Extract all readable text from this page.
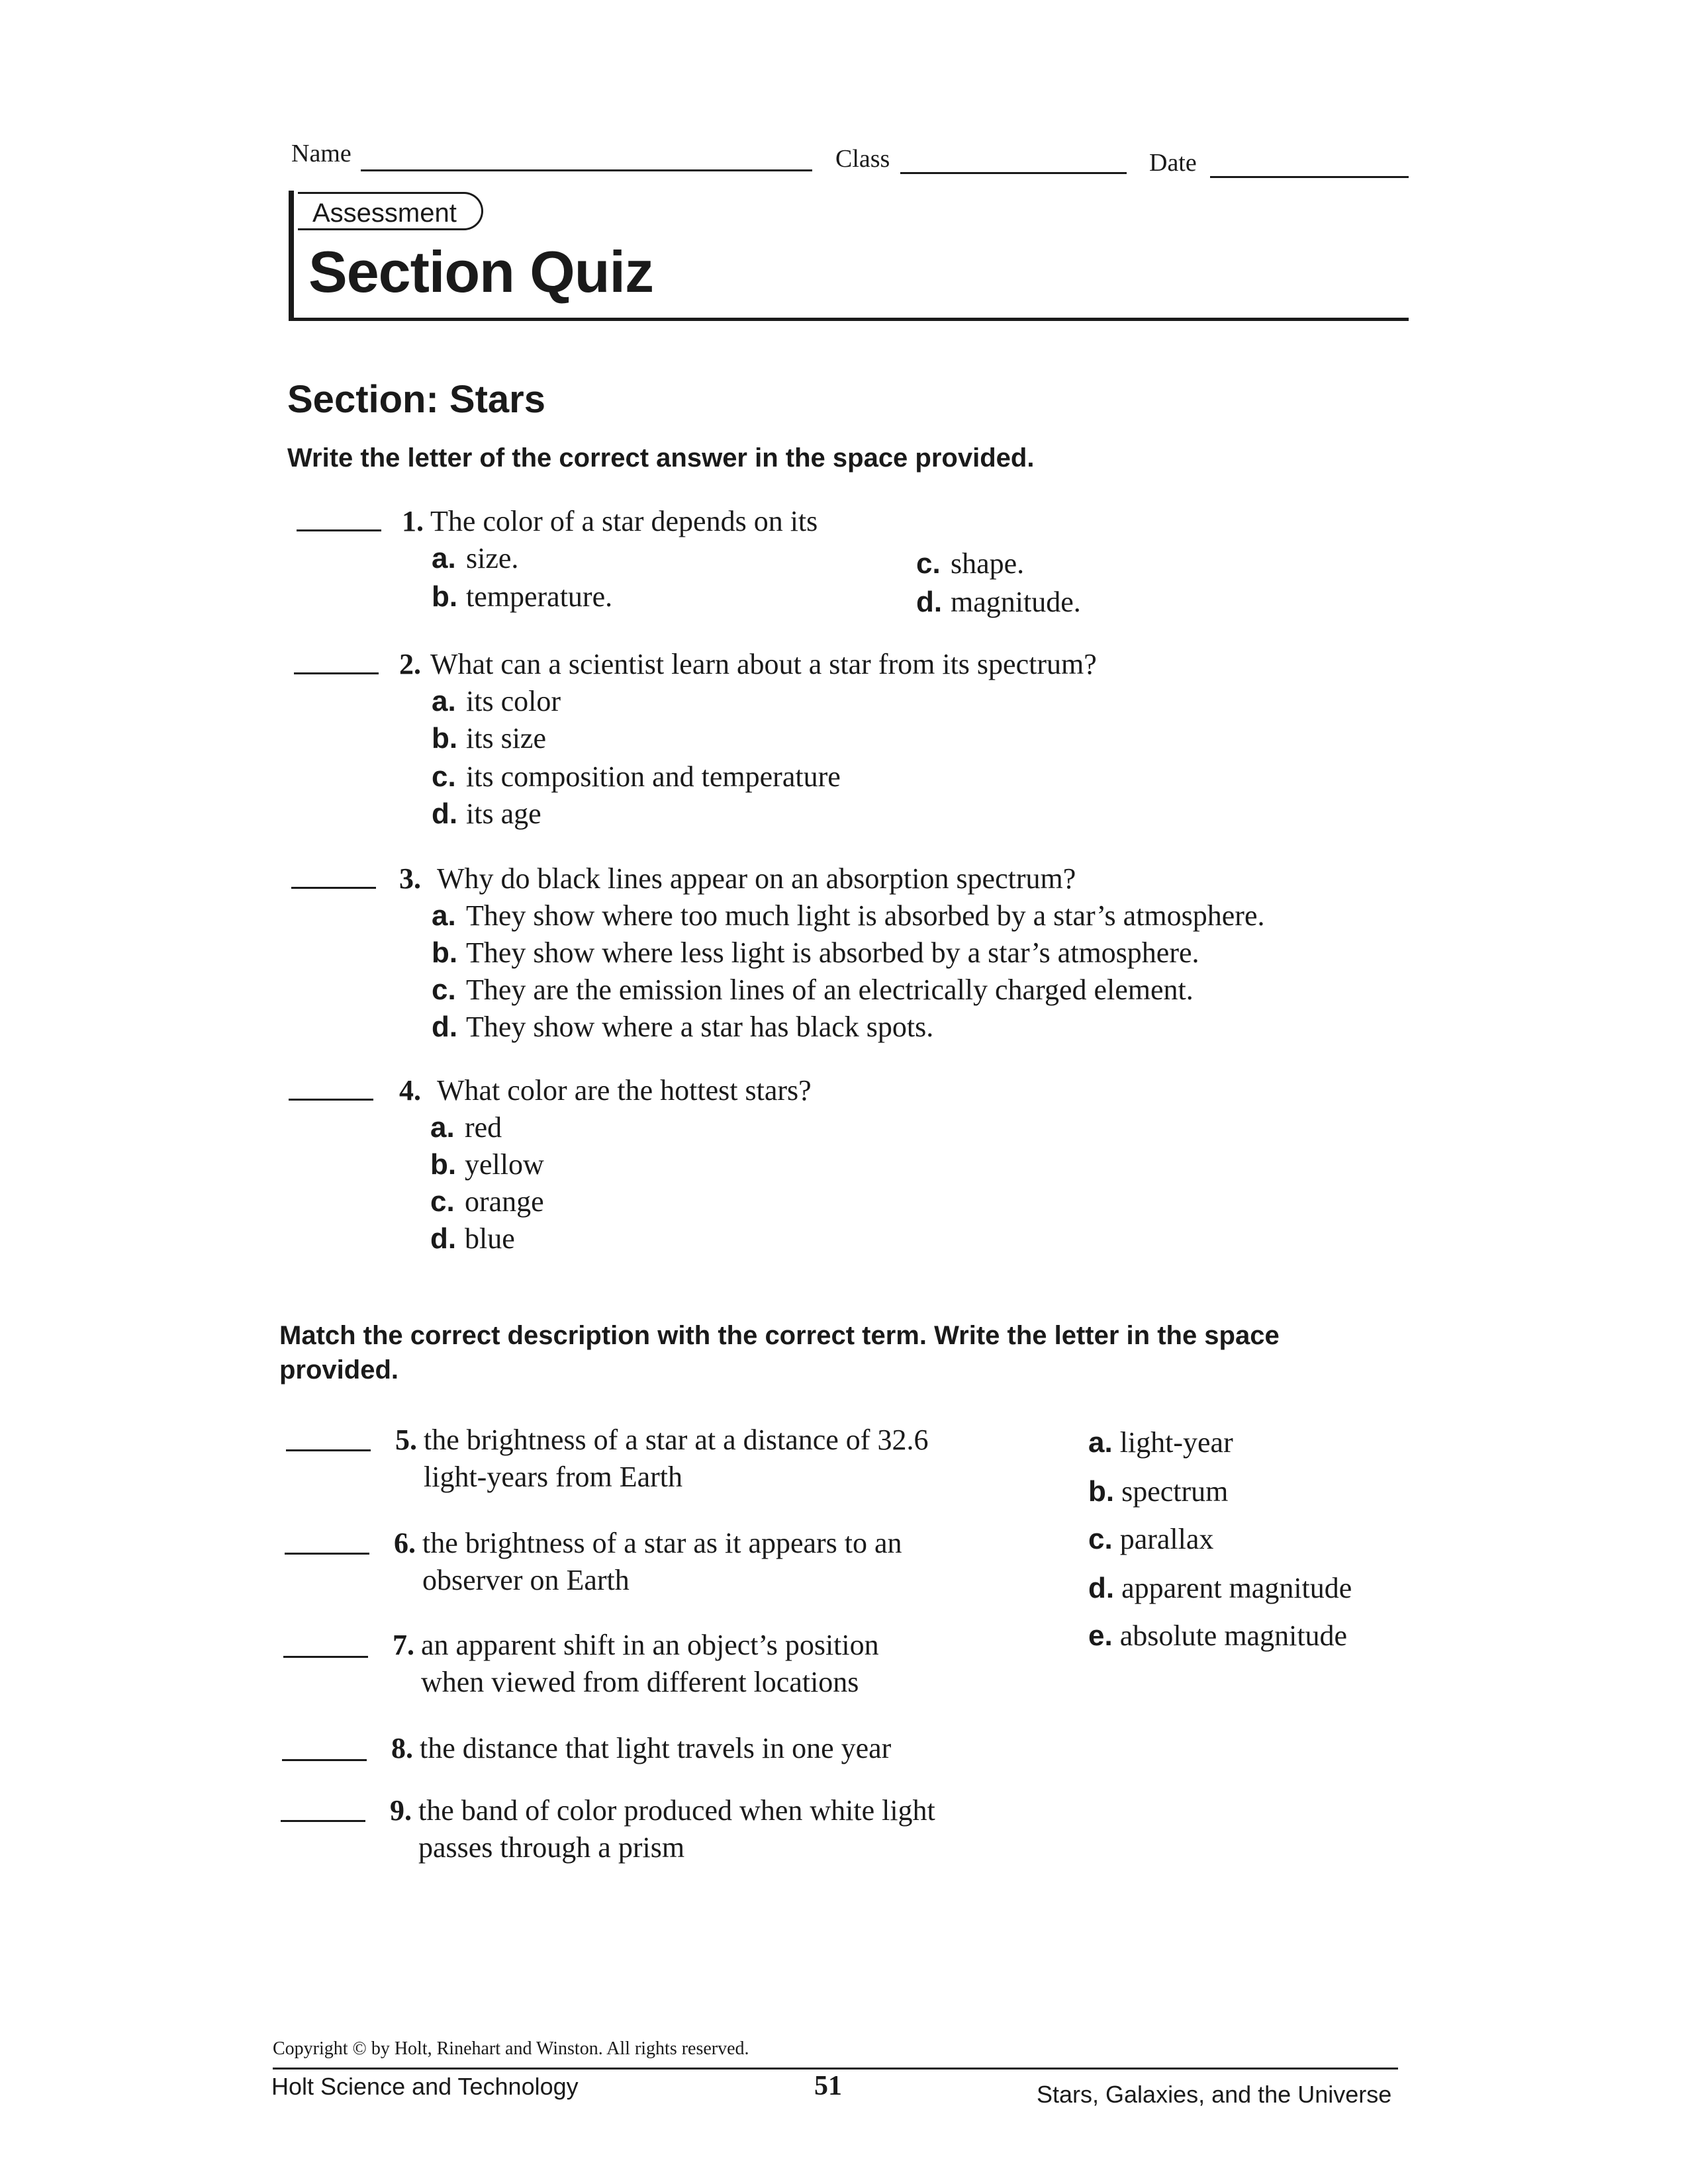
Name	Class	Date
Assessment
Section Quiz
Section: Stars
Write the letter of the correct answer in the space provided.
1. The color of a star depends on its
a. size.
b. temperature.
c. shape.
d. magnitude.
2. What can a scientist learn about a star from its spectrum?
a. its color
b. its size
c. its composition and temperature
d. its age
3. Why do black lines appear on an absorption spectrum?
a. They show where too much light is absorbed by a star’s atmosphere.
b. They show where less light is absorbed by a star’s atmosphere.
c. They are the emission lines of an electrically charged element.
d. They show where a star has black spots.
4. What color are the hottest stars?
a. red
b. yellow
c. orange
d. blue
Match the correct description with the correct term. Write the letter in the space
provided.
5. the brightness of a star at a distance of 32.6
light-years from Earth
6. the brightness of a star as it appears to an
observer on Earth
7. an apparent shift in an object’s position
when viewed from different locations
8. the distance that light travels in one year
9. the band of color produced when white light
passes through a prism
a. light-year
b. spectrum
c. parallax
d. apparent magnitude
e. absolute magnitude
Copyright © by Holt, Rinehart and Winston. All rights reserved.
Holt Science and Technology	51	Stars, Galaxies, and the Universe
